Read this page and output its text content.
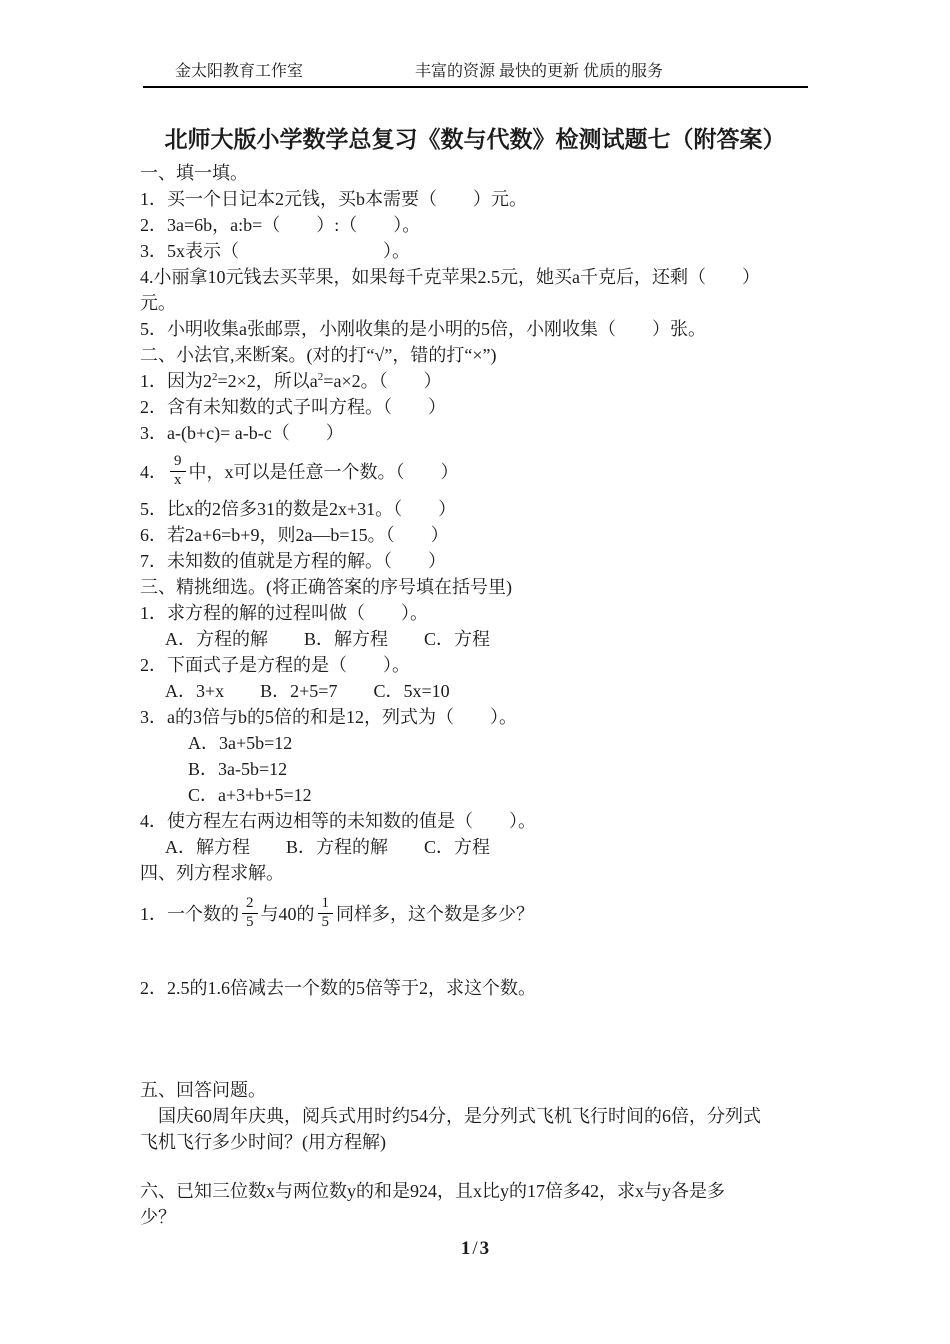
金太阳教育工作室	丰富的资源 最快的更新 优质的服务
北师大版小学数学总复习《数与代数》检测试题七（附答案）
一、填一填。
1．买一个日记本2元钱，买b本需要（　　）元。
2．3a=6b，a:b=（　　）:（　　）。
3．5x表示（　　　　　　　　）。
4.小丽拿10元钱去买苹果，如果每千克苹果2.5元，她买a千克后，还剩（　　）
元。
5．小明收集a张邮票，小刚收集的是小明的5倍，小刚收集（　　）张。
二、小法官,来断案。(对的打“√”，错的打“×”)
1．因为$2^2=2\times 2$，所以$a^2=a\times 2$。（　　）
2．含有未知数的式子叫方程。（　　）
3．a-(b+c)= a-b-c（　　）
4． $\frac{9}{x}$ 中，x可以是任意一个数。（　　）
5．比x的2倍多31的数是2x+31。（　　）
6．若2a+6=b+9，则2a—b=15。（　　）
7．未知数的值就是方程的解。（　　）
三、精挑细选。(将正确答案的序号填在括号里)
1．求方程的解的过程叫做（　　）。
A．方程的解　　B．解方程　　C．方程
2．下面式子是方程的是（　　）。
A．3+x　　B．2+5=7　　C．5x=10
3．a的3倍与b的5倍的和是12，列式为（　　）。
A．3a+5b=12
B．3a-5b=12
C．a+3+b+5=12
4．使方程左右两边相等的未知数的值是（　　）。
A．解方程　　B．方程的解　　C．方程
四、列方程求解。
1．一个数的 $\frac{2}{5}$ 与40的 $\frac{1}{5}$ 同样多，这个数是多少？
2．2.5的1.6倍减去一个数的5倍等于2，求这个数。
五、回答问题。
　国庆60周年庆典，阅兵式用时约54分，是分列式飞机飞行时间的6倍，分列式
飞机飞行多少时间？(用方程解)
六、已知三位数x与两位数y的和是924，且x比y的17倍多42，求x与y各是多
少？
1 / 3
